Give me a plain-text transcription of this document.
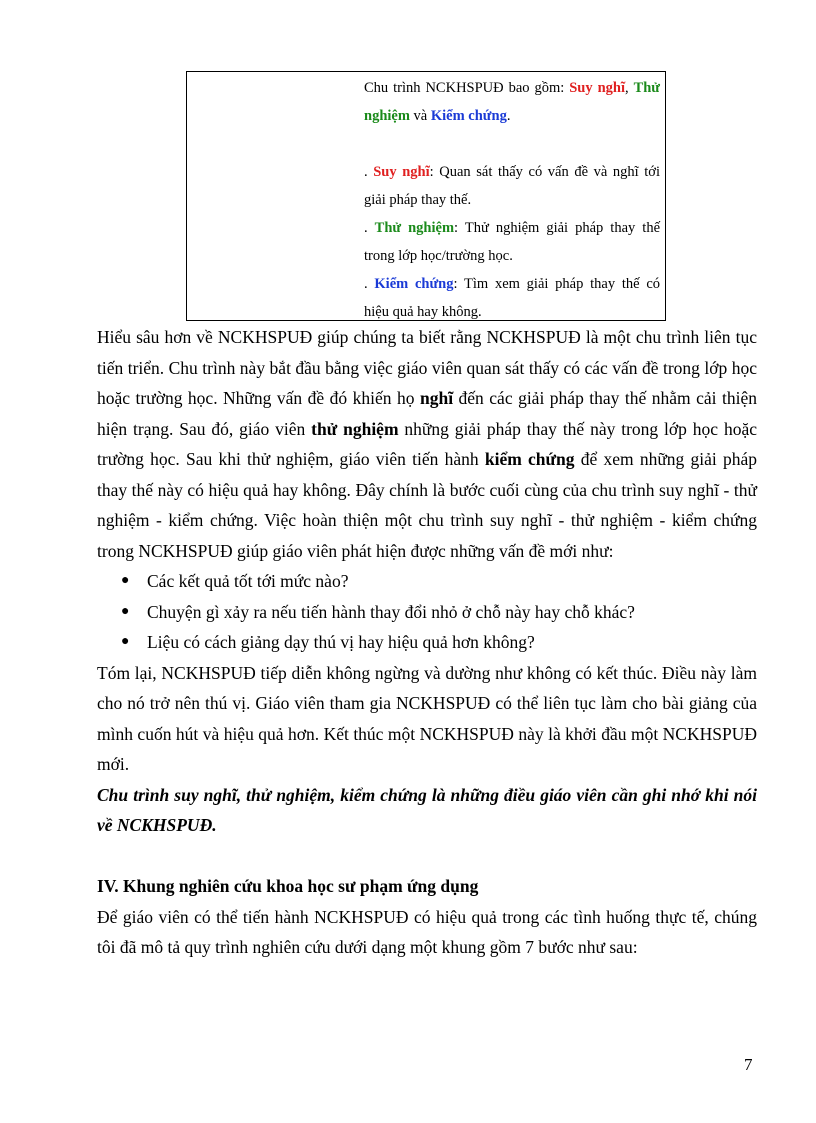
Chu trình NCKHSPUĐ bao gồm: Suy nghĩ, Thử nghiệm và Kiểm chứng.

. Suy nghĩ: Quan sát thấy có vấn đề và nghĩ tới giải pháp thay thế.

. Thử nghiệm: Thử nghiệm giải pháp thay thế trong lớp học/trường học.

. Kiểm chứng: Tìm xem giải pháp thay thế có hiệu quả hay không.

Hiểu sâu hơn về NCKHSPUĐ giúp chúng ta biết rằng NCKHSPUĐ là một chu trình liên tục tiến triển. Chu trình này bắt đầu bằng việc giáo viên quan sát thấy có các vấn đề trong lớp học hoặc trường học. Những vấn đề đó khiến họ nghĩ đến các giải pháp thay thế nhằm cải thiện hiện trạng. Sau đó, giáo viên thử nghiệm những giải pháp thay thế này trong lớp học hoặc trường học. Sau khi thử nghiệm, giáo viên tiến hành kiểm chứng để xem những giải pháp thay thế này có hiệu quả hay không. Đây chính là bước cuối cùng của chu trình suy nghĩ - thử nghiệm - kiểm chứng. Việc hoàn thiện một chu trình suy nghĩ - thử nghiệm - kiểm chứng trong NCKHSPUĐ giúp giáo viên phát hiện được những vấn đề mới như:

● Các kết quả tốt tới mức nào?
● Chuyện gì xảy ra nếu tiến hành thay đổi nhỏ ở chỗ này hay chỗ khác?
● Liệu có cách giảng dạy thú vị hay hiệu quả hơn không?

Tóm lại, NCKHSPUĐ tiếp diễn không ngừng và dường như không có kết thúc. Điều này làm cho nó trở nên thú vị. Giáo viên tham gia NCKHSPUĐ có thể liên tục làm cho bài giảng của mình cuốn hút và hiệu quả hơn. Kết thúc một NCKHSPUĐ này là khởi đầu một NCKHSPUĐ mới.

Chu trình suy nghĩ, thử nghiệm, kiểm chứng là những điều giáo viên cần ghi nhớ khi nói về NCKHSPUĐ.

IV. Khung nghiên cứu khoa học sư phạm ứng dụng

Để giáo viên có thể tiến hành NCKHSPUĐ có hiệu quả trong các tình huống thực tế, chúng tôi đã mô tả quy trình nghiên cứu dưới dạng một khung gồm 7 bước như sau:

7
